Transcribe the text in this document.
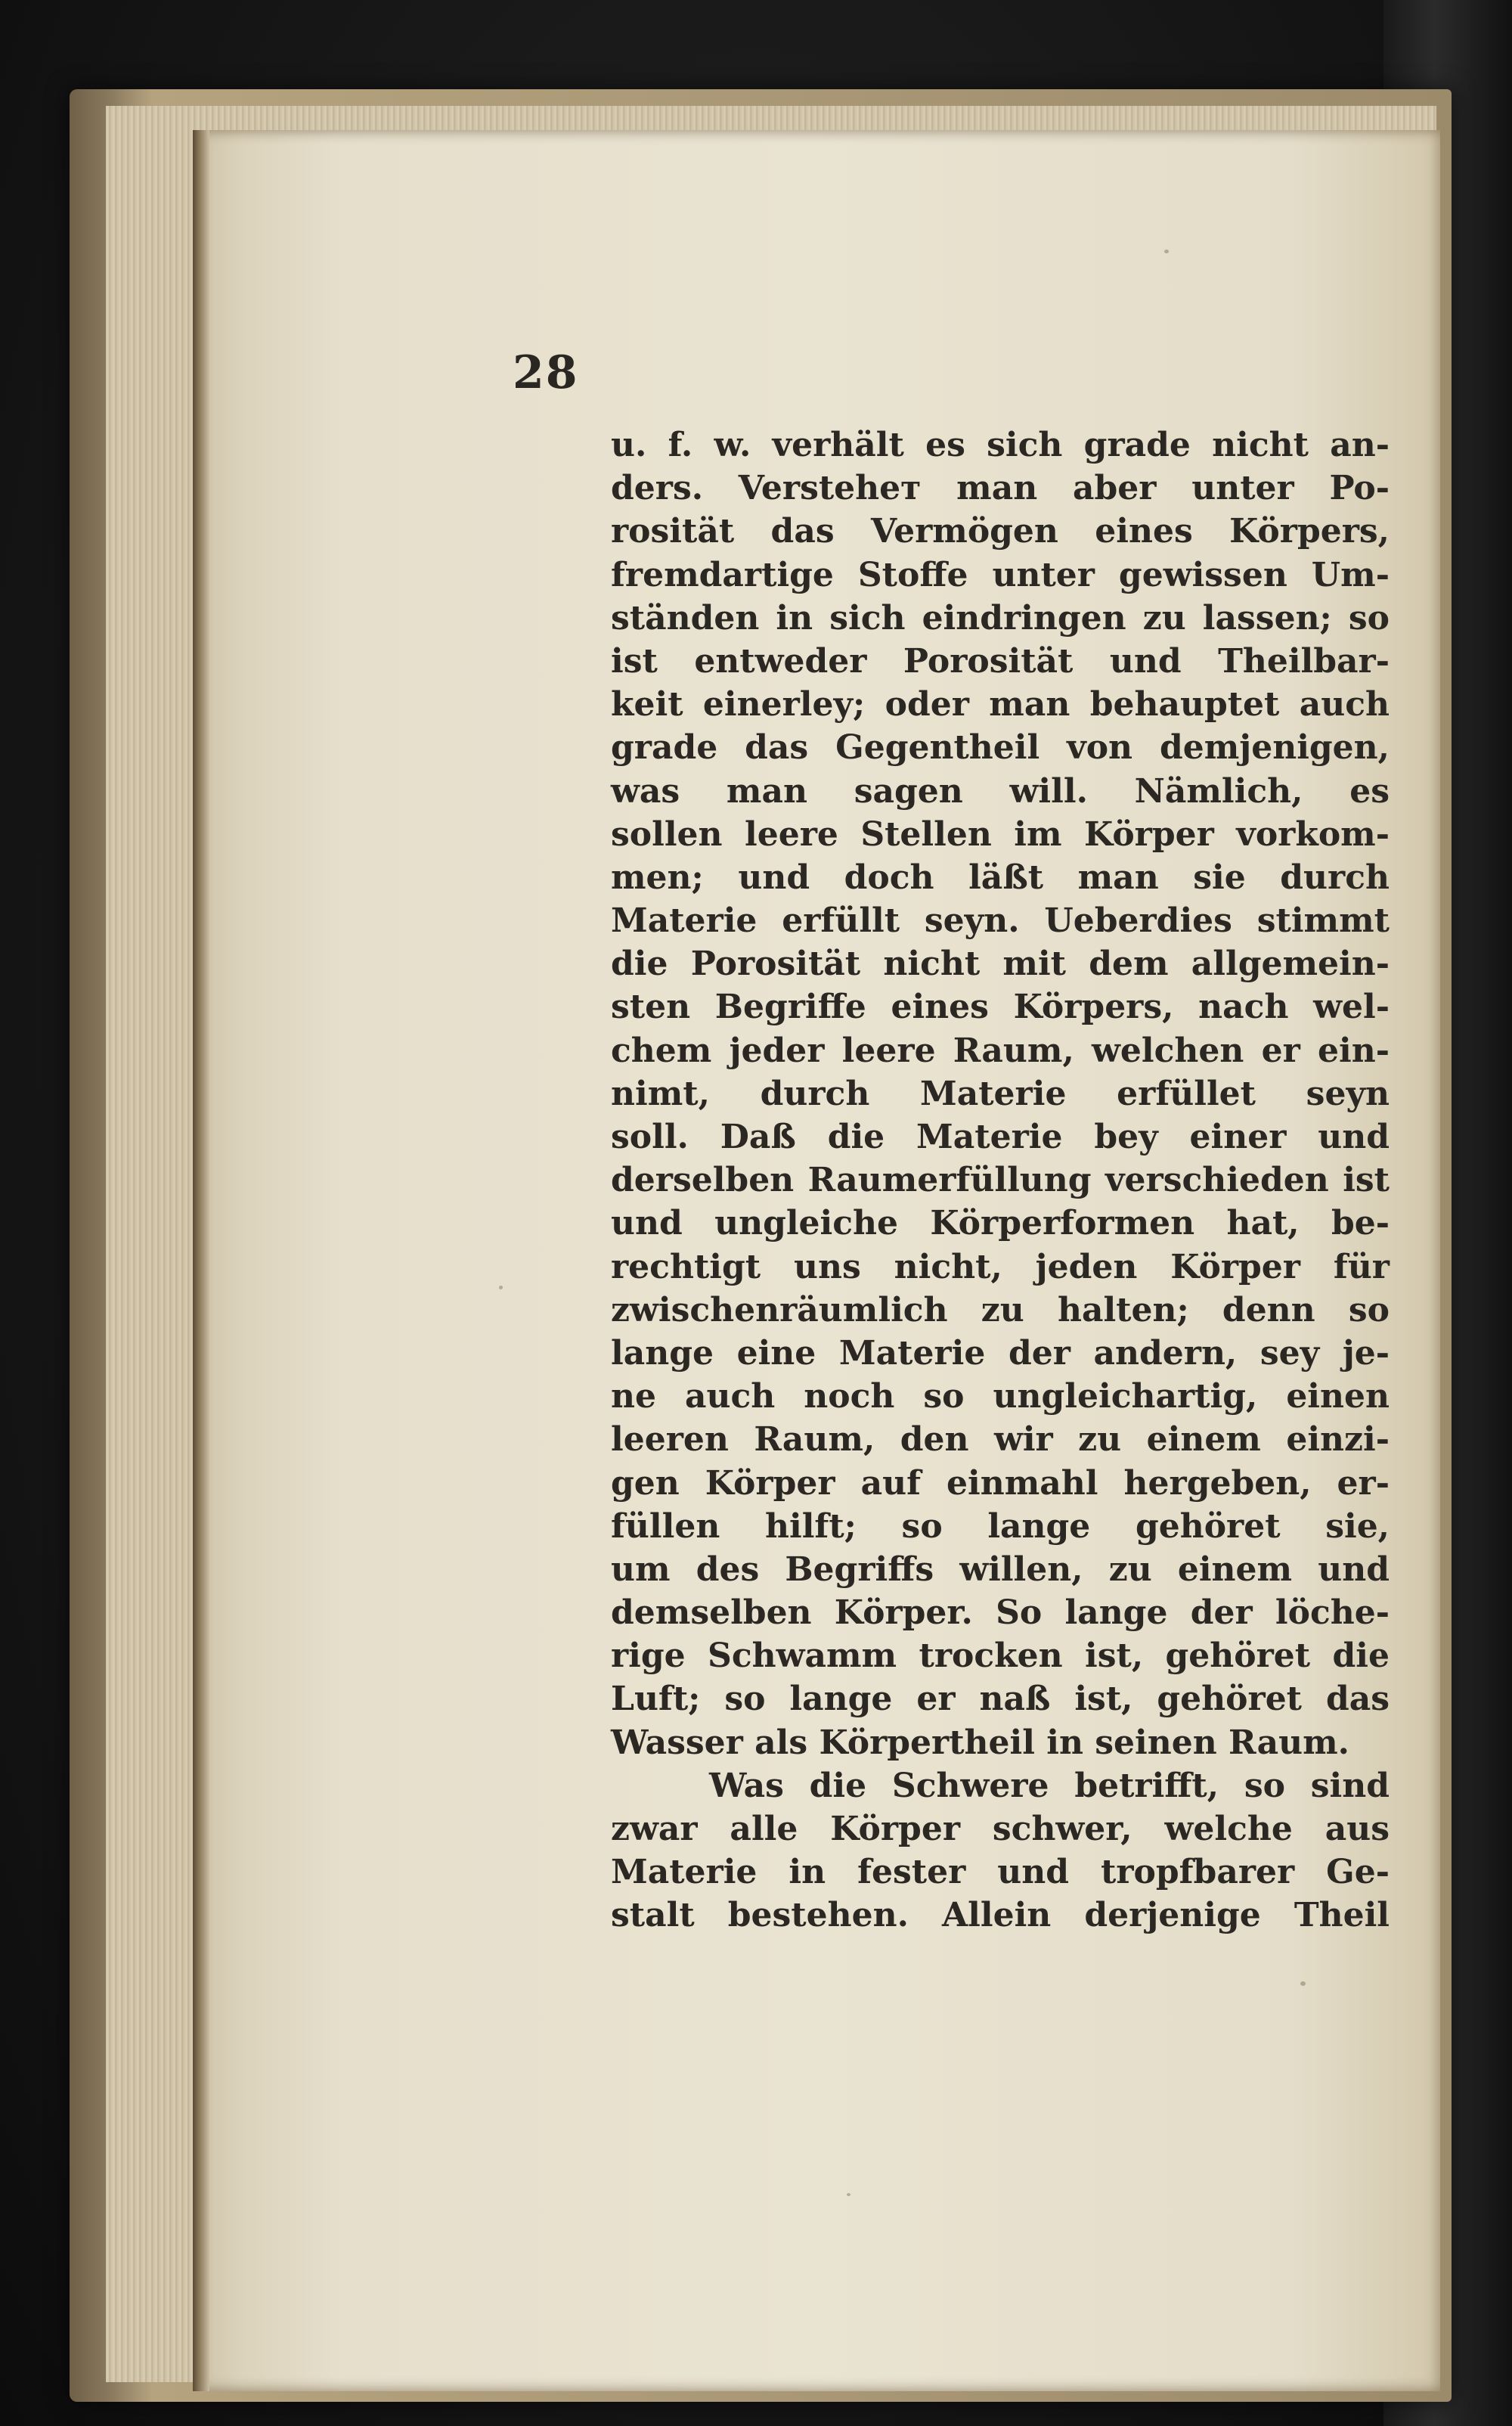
28
u. f. w. verhält es sich grade nicht an-
ders. Versteheт man aber unter Po-
rosität das Vermögen eines Körpers,
fremdartige Stoffe unter gewissen Um-
ständen in sich eindringen zu lassen; so
ist entweder Porosität und Theilbar-
keit einerley; oder man behauptet auch
grade das Gegentheil von demjenigen,
was man sagen will. Nämlich, es
sollen leere Stellen im Körper vorkom-
men; und doch läßt man sie durch
Materie erfüllt seyn. Ueberdies stimmt
die Porosität nicht mit dem allgemein-
sten Begriffe eines Körpers, nach wel-
chem jeder leere Raum, welchen er ein-
nimt, durch Materie erfüllet seyn
soll. Daß die Materie bey einer und
derselben Raumerfüllung verschieden ist
und ungleiche Körperformen hat, be-
rechtigt uns nicht, jeden Körper für
zwischenräumlich zu halten; denn so
lange eine Materie der andern, sey je-
ne auch noch so ungleichartig, einen
leeren Raum, den wir zu einem einzi-
gen Körper auf einmahl hergeben, er-
füllen hilft; so lange gehöret sie,
um des Begriffs willen, zu einem und
demselben Körper. So lange der löche-
rige Schwamm trocken ist, gehöret die
Luft; so lange er naß ist, gehöret das
Wasser als Körpertheil in seinen Raum.
Was die Schwere betrifft, so sind
zwar alle Körper schwer, welche aus
Materie in fester und tropfbarer Ge-
stalt bestehen. Allein derjenige Theil
